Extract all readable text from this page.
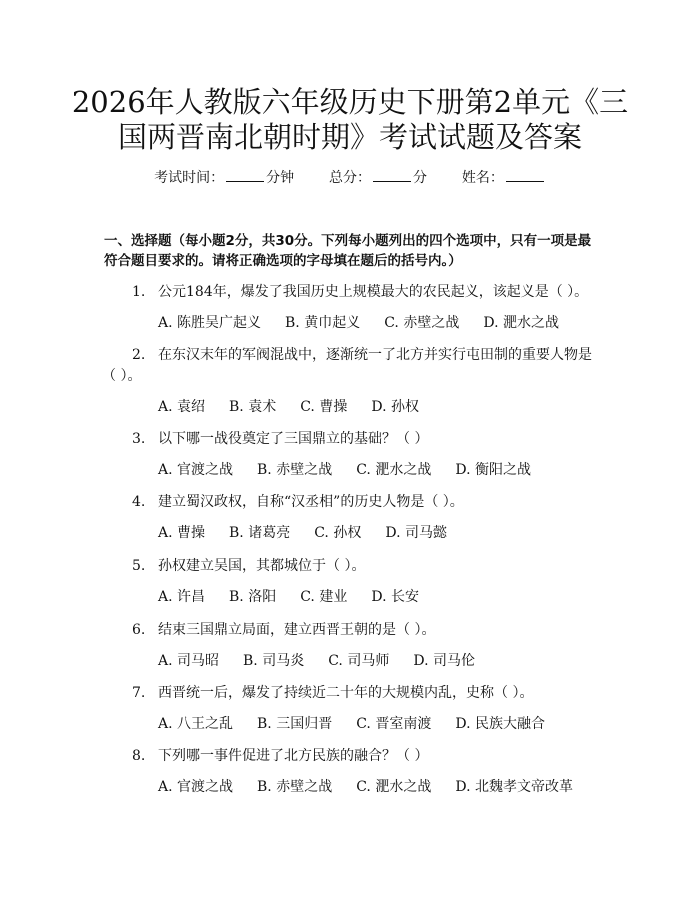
2026年人教版六年级历史下册第2单元《三
国两晋南北朝时期》考试试题及答案
考试时间：	分钟 总分：	分 姓名：
一、选择题（每小题2分，共30分。下列每小题列出的四个选项中，只有一项是最符合题目要求的。请将正确选项的字母填在题后的括号内。）
1. 公元184年，爆发了我国历史上规模最大的农民起义，该起义是（ ）。
A. 陈胜吴广起义 B. 黄巾起义 C. 赤壁之战 D. 淝水之战
2. 在东汉末年的军阀混战中，逐渐统一了北方并实行屯田制的重要人物是
（ ）。
A. 袁绍 B. 袁术 C. 曹操 D. 孙权
3. 以下哪一战役奠定了三国鼎立的基础？（ ）
A. 官渡之战 B. 赤壁之战 C. 淝水之战 D. 衡阳之战
4. 建立蜀汉政权，自称“汉丞相”的历史人物是（ ）。
A. 曹操 B. 诸葛亮 C. 孙权 D. 司马懿
5. 孙权建立吴国，其都城位于（ ）。
A. 许昌 B. 洛阳 C. 建业 D. 长安
6. 结束三国鼎立局面，建立西晋王朝的是（ ）。
A. 司马昭 B. 司马炎 C. 司马师 D. 司马伦
7. 西晋统一后，爆发了持续近二十年的大规模内乱，史称（ ）。
A. 八王之乱 B. 三国归晋 C. 晋室南渡 D. 民族大融合
8. 下列哪一事件促进了北方民族的融合？（ ）
A. 官渡之战 B. 赤壁之战 C. 淝水之战 D. 北魏孝文帝改革
